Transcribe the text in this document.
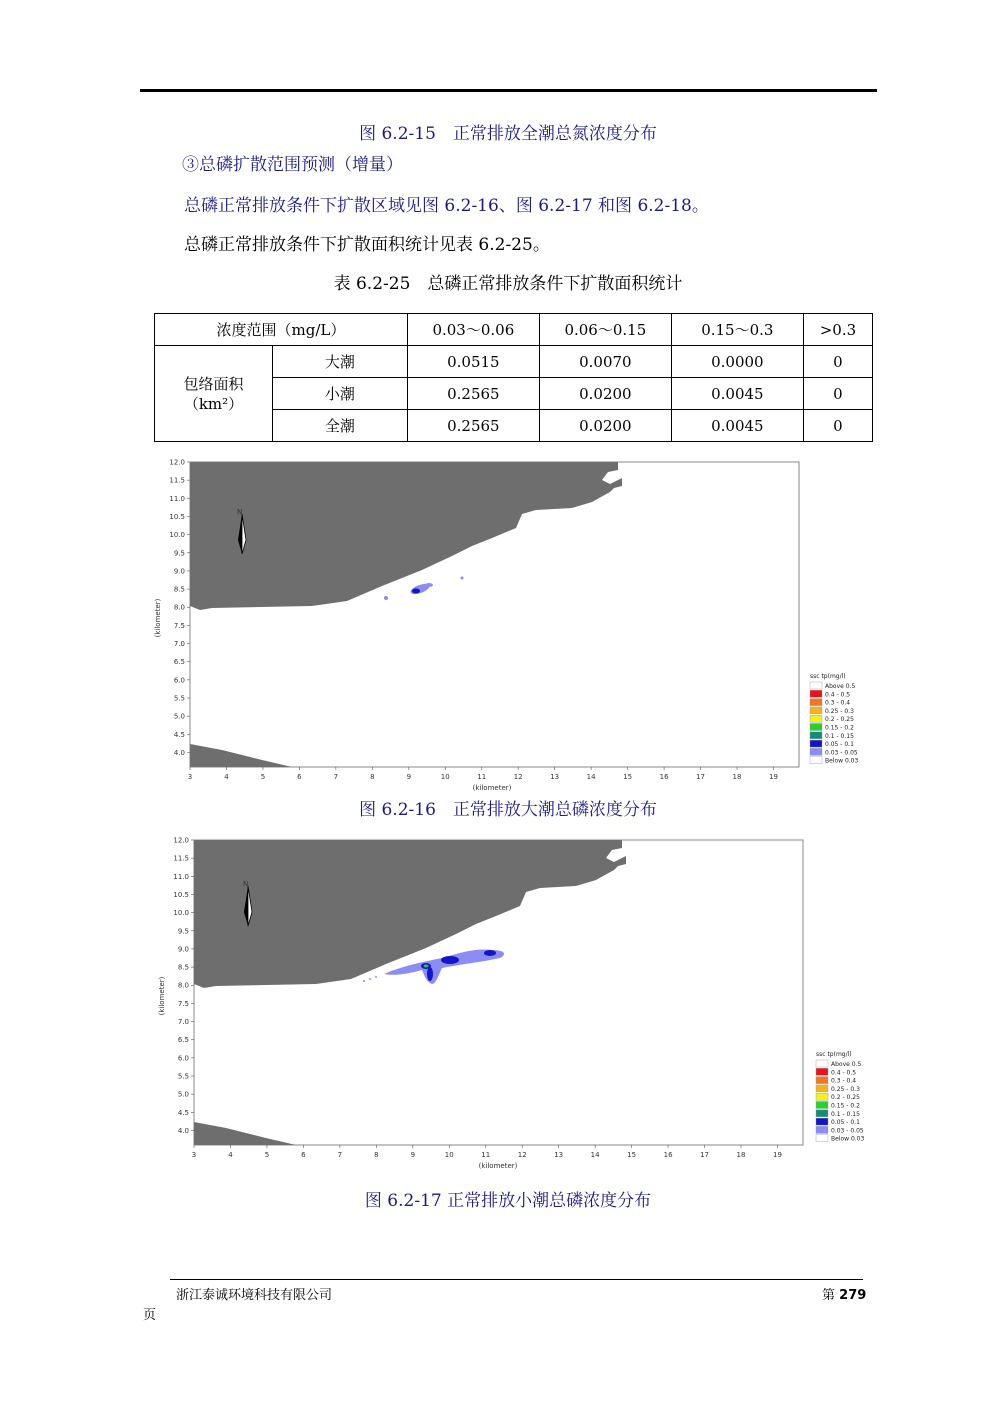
图 6.2-15　正常排放全潮总氮浓度分布
③总磷扩散范围预测（增量）
总磷正常排放条件下扩散区域见图 6.2-16、图 6.2-17 和图 6.2-18。
总磷正常排放条件下扩散面积统计见表 6.2-25。
表 6.2-25　总磷正常排放条件下扩散面积统计
浓度范围（mg/L）		0.03～0.06	0.06～0.15	0.15～0.3	>0.3
包络面积
（km²）	大潮	0.0515	0.0070	0.0000	0
	小潮	0.2565	0.0200	0.0045	0
	全潮	0.2565	0.0200	0.0045	0
N
3	4	5	6	7	8	9	10	11	12	13	14	15	16	17	18	19
12.0
11.5
11.0
10.5
10.0
9.5
9.0
8.5
8.0
7.5
7.0
6.5
6.0
5.5
5.0
4.5
4.0
(kilometer)
(kilometer)
ssc tp(mg/l)
Above 0.5
0.4 - 0.5
0.3 - 0.4
0.25 - 0.3
0.2 - 0.25
0.15 - 0.2
0.1 - 0.15
0.05 - 0.1
0.03 - 0.05
Below 0.03
图 6.2-16　正常排放大潮总磷浓度分布
N
3	4	5	6	7	8	9	10	11	12	13	14	15	16	17	18	19
12.0
11.5
11.0
10.5
10.0
9.5
9.0
8.5
8.0
7.5
7.0
6.5
6.0
5.5
5.0
4.5
4.0
(kilometer)
(kilometer)
ssc tp(mg/l)
Above 0.5
0.4 - 0.5
0.3 - 0.4
0.25 - 0.3
0.2 - 0.25
0.15 - 0.2
0.1 - 0.15
0.05 - 0.1
0.03 - 0.05
Below 0.03
图 6.2-17 正常排放小潮总磷浓度分布
浙江泰诚环境科技有限公司	第 279
页
